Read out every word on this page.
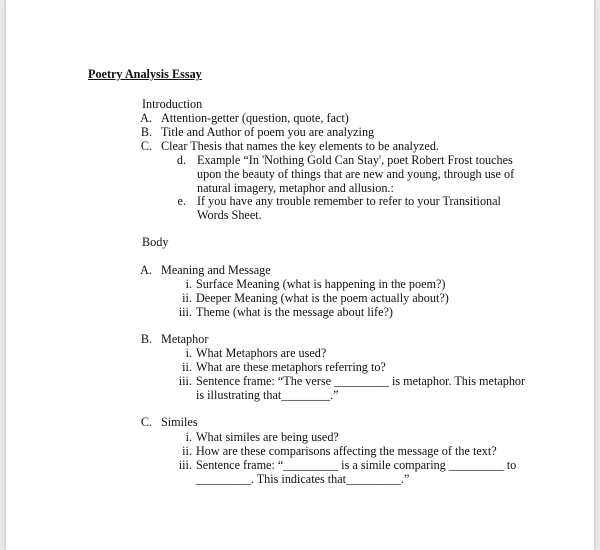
Poetry Analysis Essay
Introduction
A. Attention-getter (question, quote, fact)
B. Title and Author of poem you are analyzing
C. Clear Thesis that names the key elements to be analyzed.
d. Example “In 'Nothing Gold Can Stay', poet Robert Frost touches
upon the beauty of things that are new and young, through use of
natural imagery, metaphor and allusion.:
e. If you have any trouble remember to refer to your Transitional
Words Sheet.
Body
A. Meaning and Message
i. Surface Meaning (what is happening in the poem?)
ii. Deeper Meaning (what is the poem actually about?)
iii. Theme (what is the message about life?)
B. Metaphor
i. What Metaphors are used?
ii. What are these metaphors referring to?
iii. Sentence frame: “The verse _________ is metaphor. This metaphor
is illustrating that________.”
C. Similes
i. What similes are being used?
ii. How are these comparisons affecting the message of the text?
iii. Sentence frame: “_________ is a simile comparing _________ to
_________. This indicates that_________.”
